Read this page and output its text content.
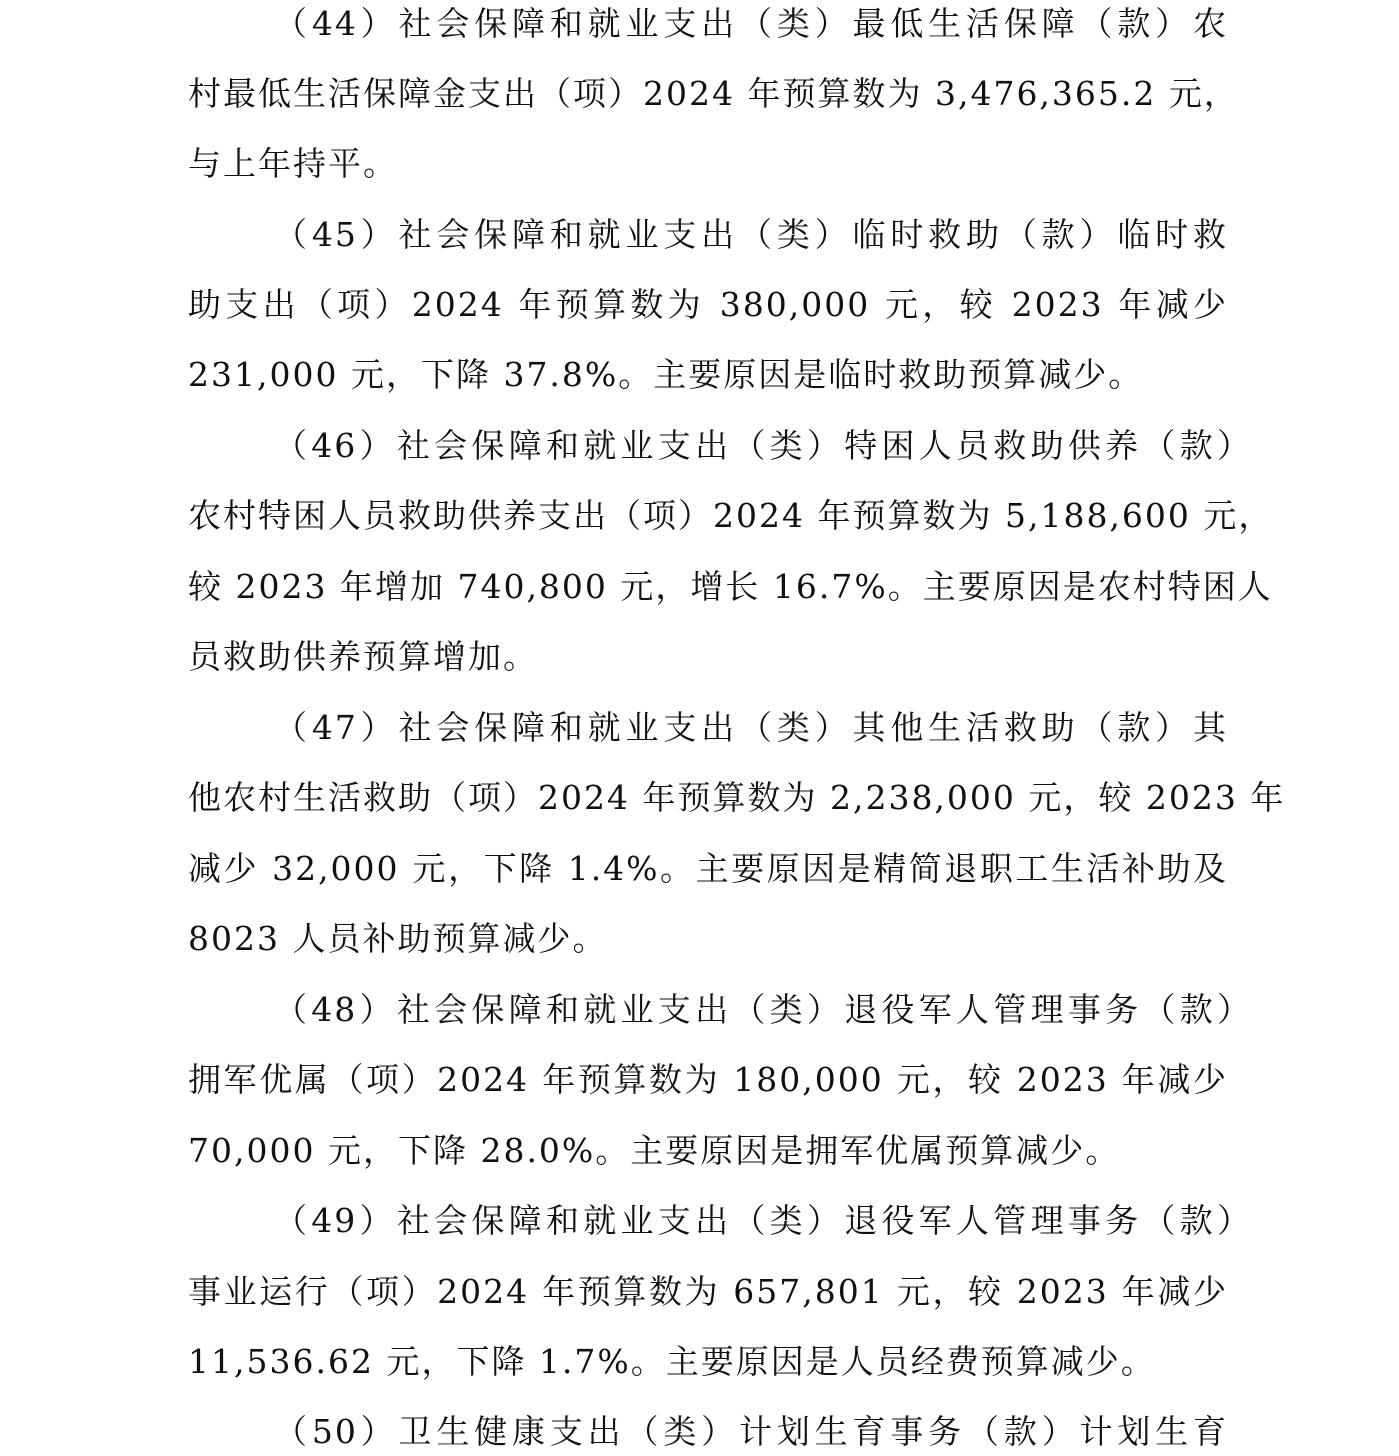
（44）社会保障和就业支出（类）最低生活保障（款）农
村最低生活保障金支出（项）2024 年预算数为 3,476,365.2 元，
与上年持平。
（45）社会保障和就业支出（类）临时救助（款）临时救
助支出（项）2024 年预算数为 380,000 元，较 2023 年减少
231,000 元，下降 37.8%。主要原因是临时救助预算减少。
（46）社会保障和就业支出（类）特困人员救助供养（款）
农村特困人员救助供养支出（项）2024 年预算数为 5,188,600 元，
较 2023 年增加 740,800 元，增长 16.7%。主要原因是农村特困人
员救助供养预算增加。
（47）社会保障和就业支出（类）其他生活救助（款）其
他农村生活救助（项）2024 年预算数为 2,238,000 元，较 2023 年
减少 32,000 元，下降 1.4%。主要原因是精简退职工生活补助及
8023 人员补助预算减少。
（48）社会保障和就业支出（类）退役军人管理事务（款）
拥军优属（项）2024 年预算数为 180,000 元，较 2023 年减少
70,000 元，下降 28.0%。主要原因是拥军优属预算减少。
（49）社会保障和就业支出（类）退役军人管理事务（款）
事业运行（项）2024 年预算数为 657,801 元，较 2023 年减少
11,536.62 元，下降 1.7%。主要原因是人员经费预算减少。
（50）卫生健康支出（类）计划生育事务（款）计划生育
